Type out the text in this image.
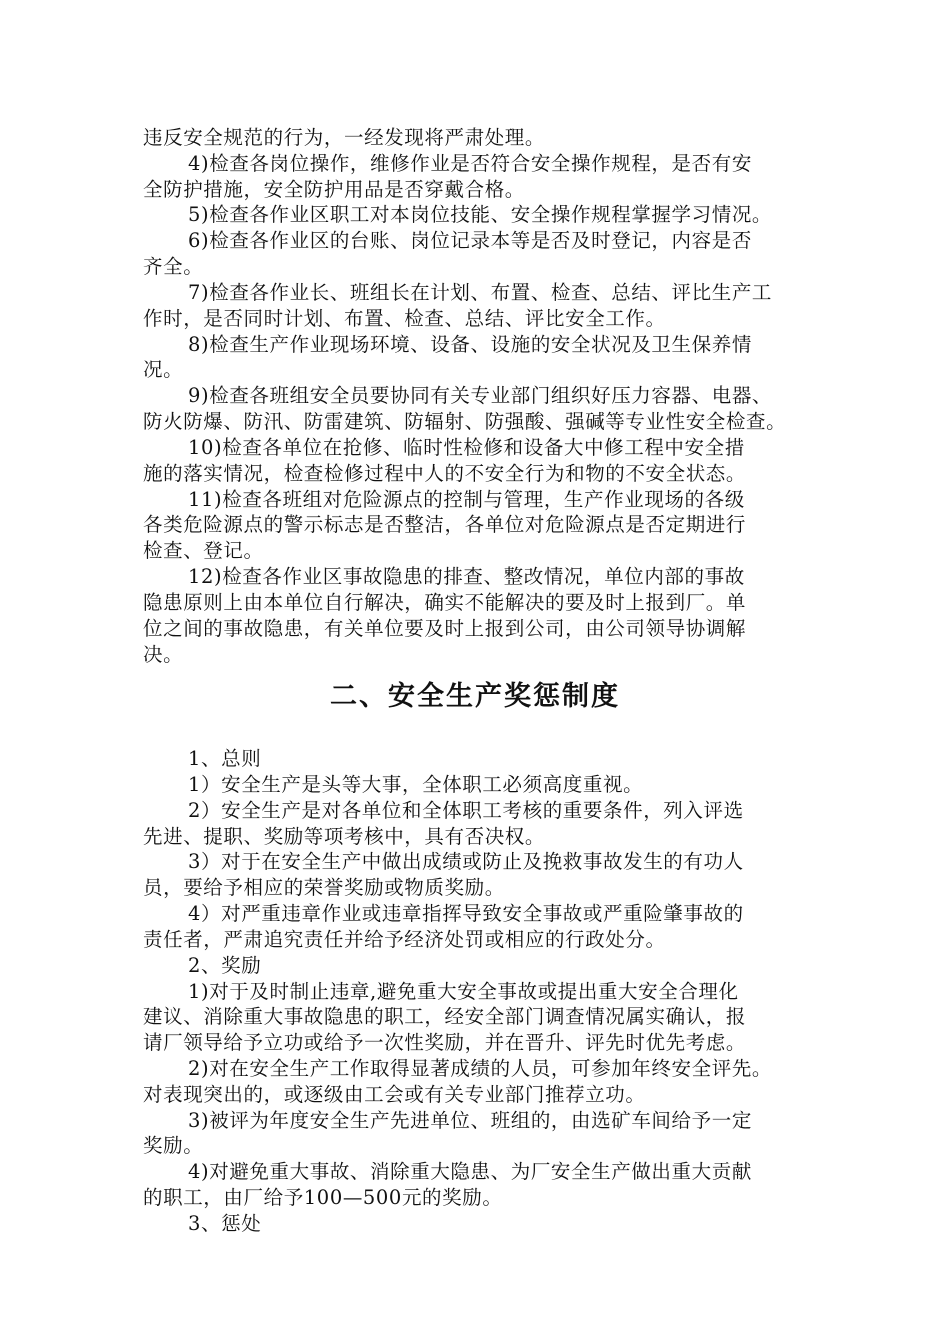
违反安全规范的行为，一经发现将严肃处理。
4)检查各岗位操作，维修作业是否符合安全操作规程，是否有安
全防护措施，安全防护用品是否穿戴合格。
5)检查各作业区职工对本岗位技能、安全操作规程掌握学习情况。
6)检查各作业区的台账、岗位记录本等是否及时登记，内容是否
齐全。
7)检查各作业长、班组长在计划、布置、检查、总结、评比生产工
作时，是否同时计划、布置、检查、总结、评比安全工作。
8)检查生产作业现场环境、设备、设施的安全状况及卫生保养情
况。
9)检查各班组安全员要协同有关专业部门组织好压力容器、电器、
防火防爆、防汛、防雷建筑、防辐射、防强酸、强碱等专业性安全检查。
10)检查各单位在抢修、临时性检修和设备大中修工程中安全措
施的落实情况，检查检修过程中人的不安全行为和物的不安全状态。
11)检查各班组对危险源点的控制与管理，生产作业现场的各级
各类危险源点的警示标志是否整洁，各单位对危险源点是否定期进行
检查、登记。
12)检查各作业区事故隐患的排查、整改情况，单位内部的事故
隐患原则上由本单位自行解决，确实不能解决的要及时上报到厂。单
位之间的事故隐患，有关单位要及时上报到公司，由公司领导协调解
决。
二、安全生产奖惩制度
1、总则
1）安全生产是头等大事，全体职工必须高度重视。
2）安全生产是对各单位和全体职工考核的重要条件，列入评选
先进、提职、奖励等项考核中，具有否决权。
3）对于在安全生产中做出成绩或防止及挽救事故发生的有功人
员，要给予相应的荣誉奖励或物质奖励。
4）对严重违章作业或违章指挥导致安全事故或严重险肇事故的
责任者，严肃追究责任并给予经济处罚或相应的行政处分。
2、奖励
1)对于及时制止违章,避免重大安全事故或提出重大安全合理化
建议、消除重大事故隐患的职工，经安全部门调查情况属实确认，报
请厂领导给予立功或给予一次性奖励，并在晋升、评先时优先考虑。
2)对在安全生产工作取得显著成绩的人员，可参加年终安全评先。
对表现突出的，或逐级由工会或有关专业部门推荐立功。
3)被评为年度安全生产先进单位、班组的，由选矿车间给予一定
奖励。
4)对避免重大事故、消除重大隐患、为厂安全生产做出重大贡献
的职工，由厂给予100—500元的奖励。
3、惩处
